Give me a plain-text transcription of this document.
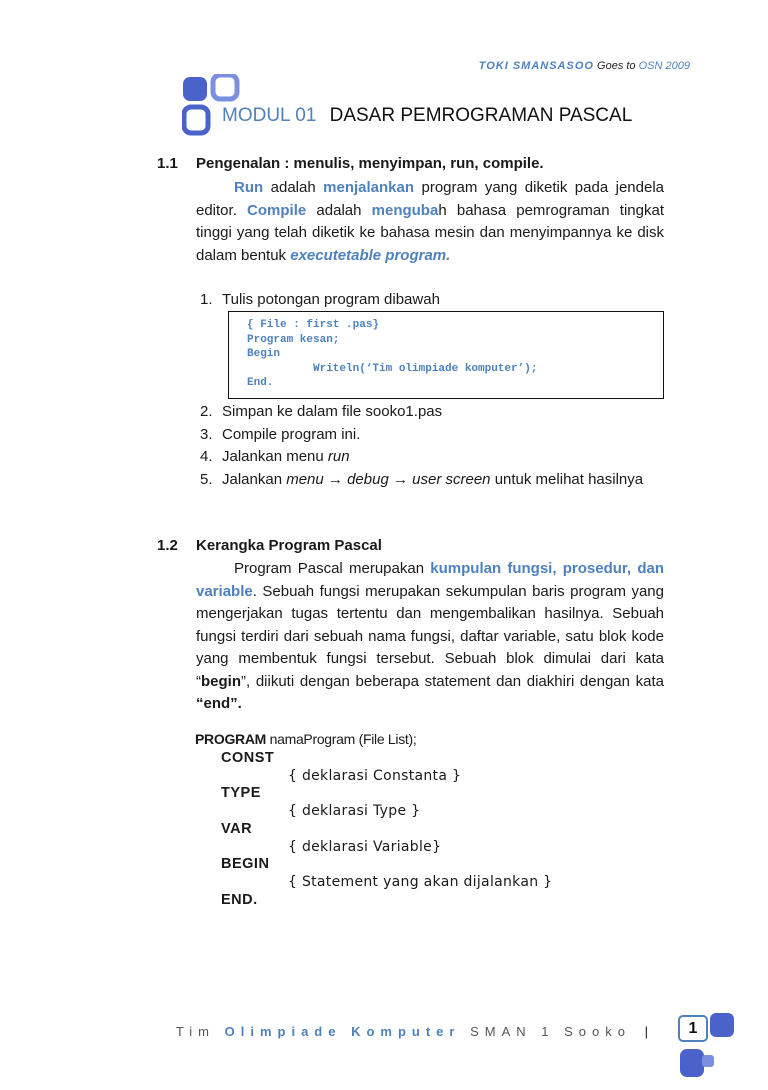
TOKI SMANSASOO Goes to OSN 2009
MODUL 01 DASAR PEMROGRAMAN PASCAL
1.1 Pengenalan : menulis, menyimpan, run, compile.
Run adalah menjalankan program yang diketik pada jendela editor. Compile adalah mengubah bahasa pemrograman tingkat tinggi yang telah diketik ke bahasa mesin dan menyimpannya ke disk dalam bentuk executetable program.
1. Tulis potongan program dibawah
{ File : first .pas}
Program kesan;
Begin
Writeln(‘Tim olimpiade komputer’);
End.
2. Simpan ke dalam file sooko1.pas
3. Compile program ini.
4. Jalankan menu run
5. Jalankan menu → debug → user screen untuk melihat hasilnya
1.2 Kerangka Program Pascal
Program Pascal merupakan kumpulan fungsi, prosedur, dan variable. Sebuah fungsi merupakan sekumpulan baris program yang mengerjakan tugas tertentu dan mengembalikan hasilnya. Sebuah fungsi terdiri dari sebuah nama fungsi, daftar variable, satu blok kode yang membentuk fungsi tersebut. Sebuah blok dimulai dari kata “begin”, diikuti dengan beberapa statement dan diakhiri dengan kata “end”.
PROGRAM namaProgram (File List);
CONST
{ deklarasi Constanta }
TYPE
{ deklarasi Type }
VAR
{ deklarasi Variable}
BEGIN
{ Statement yang akan dijalankan }
END.
Tim Olimpiade Komputer SMAN 1 Sooko |	1
